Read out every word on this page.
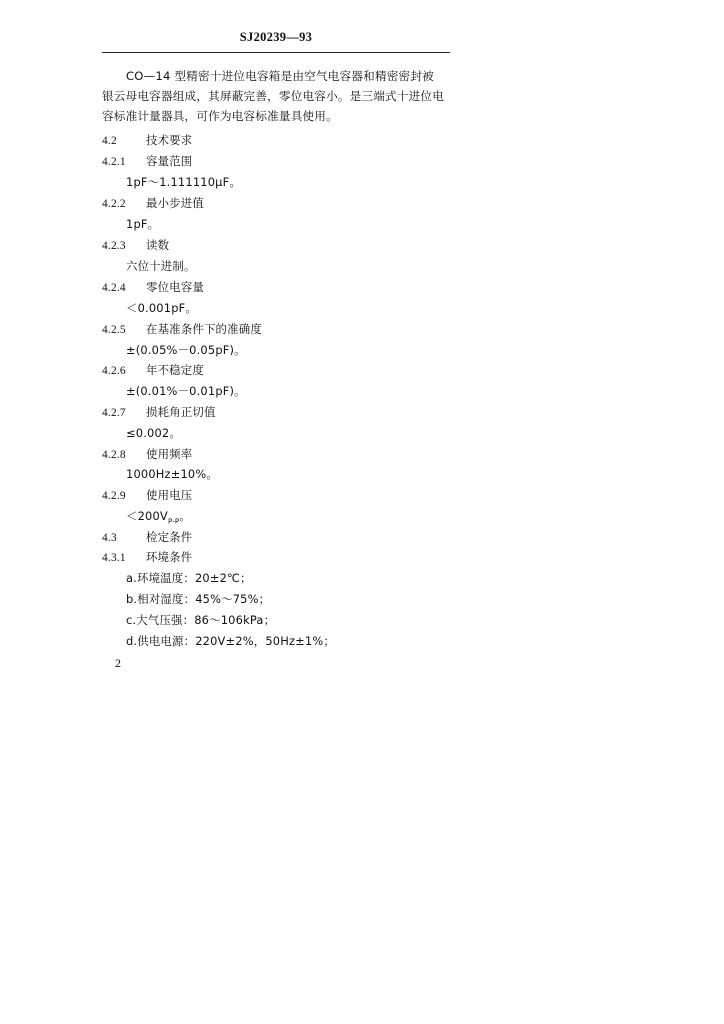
SJ20239—93
CO—14 型精密十进位电容箱是由空气电容器和精密密封被
银云母电容器组成，其屏蔽完善，零位电容小。是三端式十进位电
容标准计量器具，可作为电容标准量具使用。
4.2	技术要求
4.2.1 容量范围
1pF～1.111110μF。
4.2.2 最小步进值
1pF。
4.2.3 读数
六位十进制。
4.2.4 零位电容量
＜0.001pF。
4.2.5 在基准条件下的准确度
±(0.05%－0.05pF)。
4.2.6 年不稳定度
±(0.01%－0.01pF)。
4.2.7 损耗角正切值
≤0.002。
4.2.8 使用频率
1000Hz±10%。
4.2.9 使用电压
$<200V_{P-P}$。
4.3	检定条件
4.3.1 环境条件
a.环境温度：20±2℃；
b.相对湿度：45%～75%；
c.大气压强：86～106kPa；
d.供电电源：220V±2%，50Hz±1%；
2
